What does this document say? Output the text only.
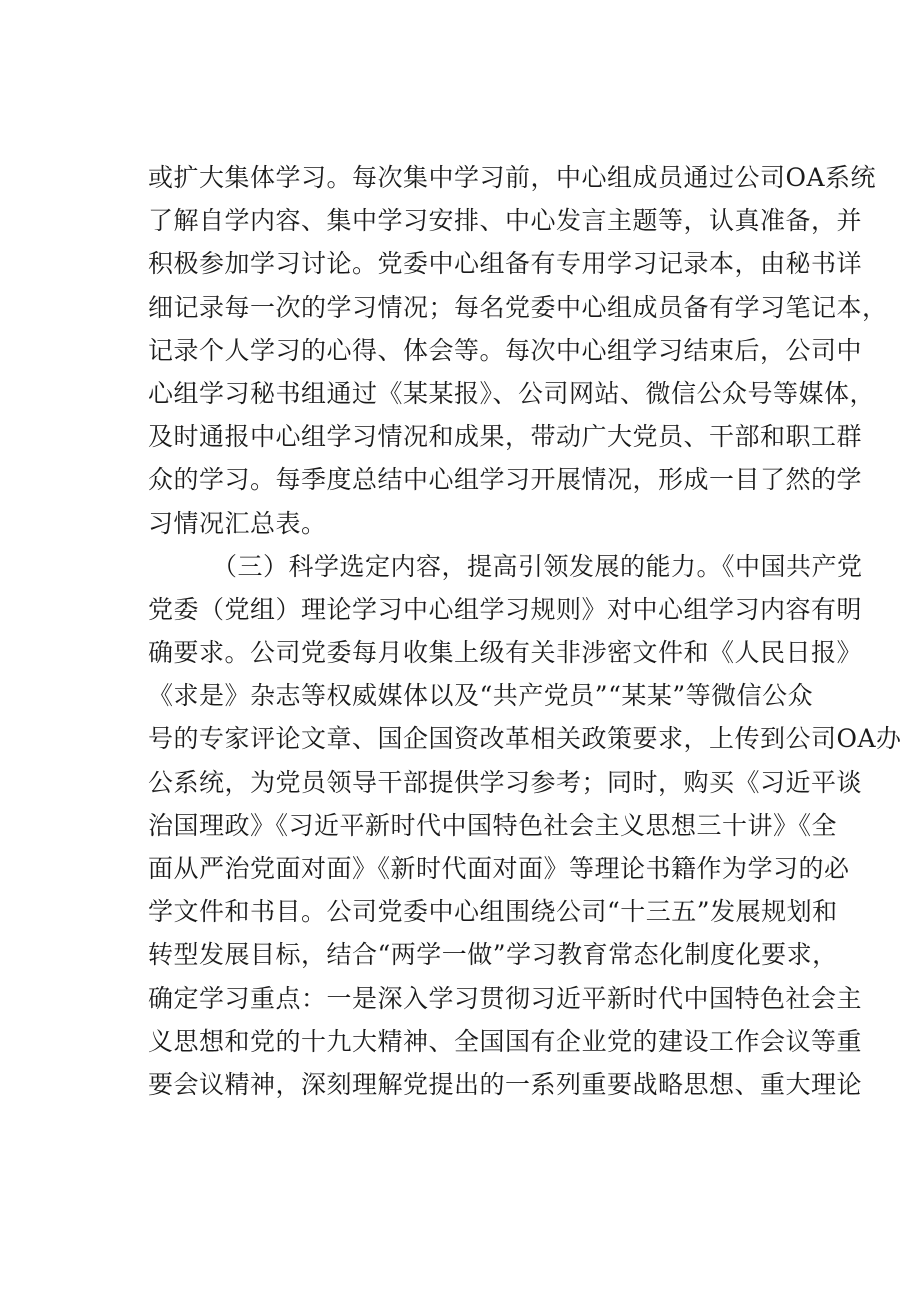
或扩大集体学习。每次集中学习前，中心组成员通过公司OA系统
了解自学内容、集中学习安排、中心发言主题等，认真准备，并
积极参加学习讨论。党委中心组备有专用学习记录本，由秘书详
细记录每一次的学习情况；每名党委中心组成员备有学习笔记本，
记录个人学习的心得、体会等。每次中心组学习结束后，公司中
心组学习秘书组通过《某某报》、公司网站、微信公众号等媒体，
及时通报中心组学习情况和成果，带动广大党员、干部和职工群
众的学习。每季度总结中心组学习开展情况，形成一目了然的学
习情况汇总表。
（三）科学选定内容，提高引领发展的能力。《中国共产党
党委（党组）理论学习中心组学习规则》对中心组学习内容有明
确要求。公司党委每月收集上级有关非涉密文件和《人民日报》
《求是》杂志等权威媒体以及“共产党员”“某某”等微信公众
号的专家评论文章、国企国资改革相关政策要求，上传到公司OA办
公系统，为党员领导干部提供学习参考；同时，购买《习近平谈
治国理政》《习近平新时代中国特色社会主义思想三十讲》《全
面从严治党面对面》《新时代面对面》等理论书籍作为学习的必
学文件和书目。公司党委中心组围绕公司“十三五”发展规划和
转型发展目标，结合“两学一做”学习教育常态化制度化要求，
确定学习重点：一是深入学习贯彻习近平新时代中国特色社会主
义思想和党的十九大精神、全国国有企业党的建设工作会议等重
要会议精神，深刻理解党提出的一系列重要战略思想、重大理论
